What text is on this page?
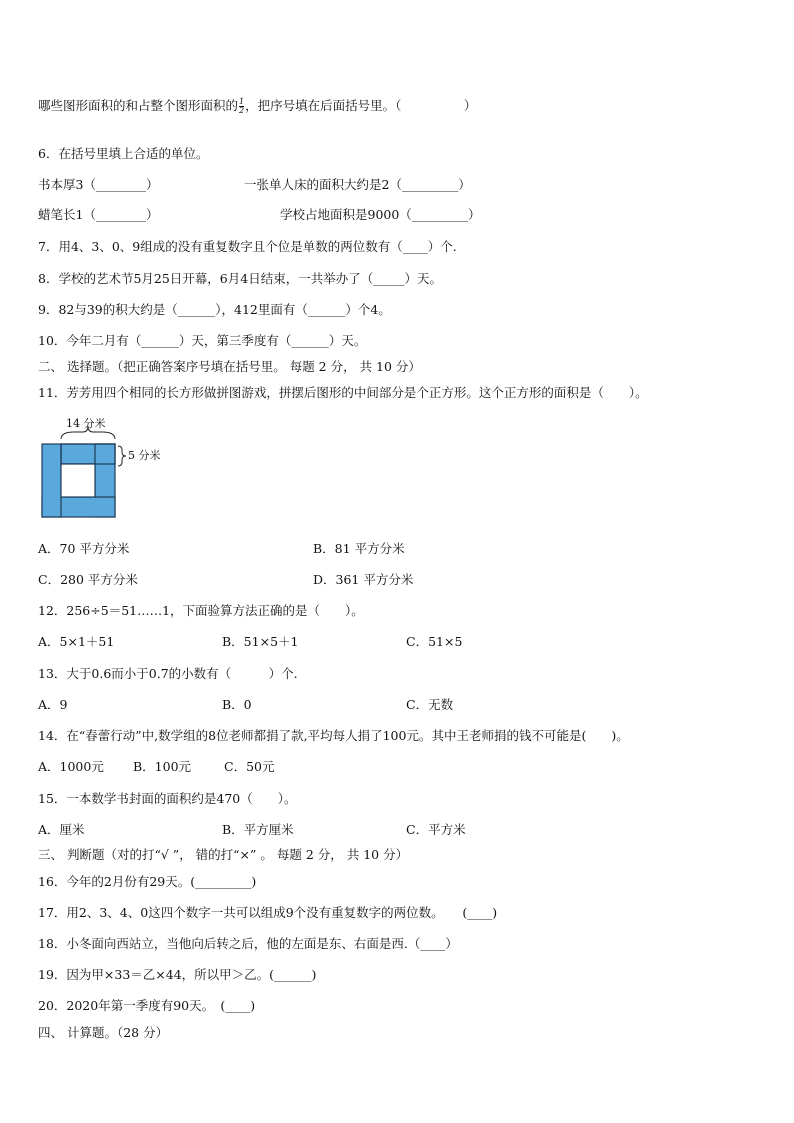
哪些图形面积的和占整个图形面积的 $\frac{1}{2}$ ，把序号填在后面括号里。（　　　　　）
6．在括号里填上合适的单位。
书本厚3（________）	一张单人床的面积大约是2（_________）
蜡笔长1（________）	学校占地面积是9000（_________）
7．用4、3、0、9组成的没有重复数字且个位是单数的两位数有（____）个.
8．学校的艺术节5月25日开幕，6月4日结束，一共举办了（_____）天。
9．82与39的积大约是（______），412里面有（______）个4。
10．今年二月有（______）天，第三季度有（______）天。
二、 选择题。（把正确答案序号填在括号里。 每题 2 分， 共 10 分）
11．芳芳用四个相同的长方形做拼图游戏，拼摆后图形的中间部分是个正方形。这个正方形的面积是（　　）。
14 分米
5 分米
A．70 平方分米	B．81 平方分米
C．280 平方分米	D．361 平方分米
12．256÷5＝51……1，下面验算方法正确的是（　　）。
A．5×1＋51	B．51×5＋1	C．51×5
13．大于0.6而小于0.7的小数有（　　　）个.
A．9	B．0	C．无数
14．在“春蕾行动”中,数学组的8位老师都捐了款,平均每人捐了100元。其中王老师捐的钱不可能是(　　)。
A．1000元 B．100元	C．50元
15．一本数学书封面的面积约是470（　　）。
A．厘米	B．平方厘米	C．平方米
三、 判断题（对的打“√ ”， 错的打“×” 。 每题 2 分， 共 10 分）
16．今年的2月份有29天。(_________)
17．用2、3、4、0这四个数字一共可以组成9个没有重复数字的两位数。　　(____)
18．小冬面向西站立，当他向后转之后，他的左面是东、右面是西.（____）
19．因为甲×33＝乙×44，所以甲＞乙。(______)
20．2020年第一季度有90天。　(____)
四、 计算题。（28 分）
